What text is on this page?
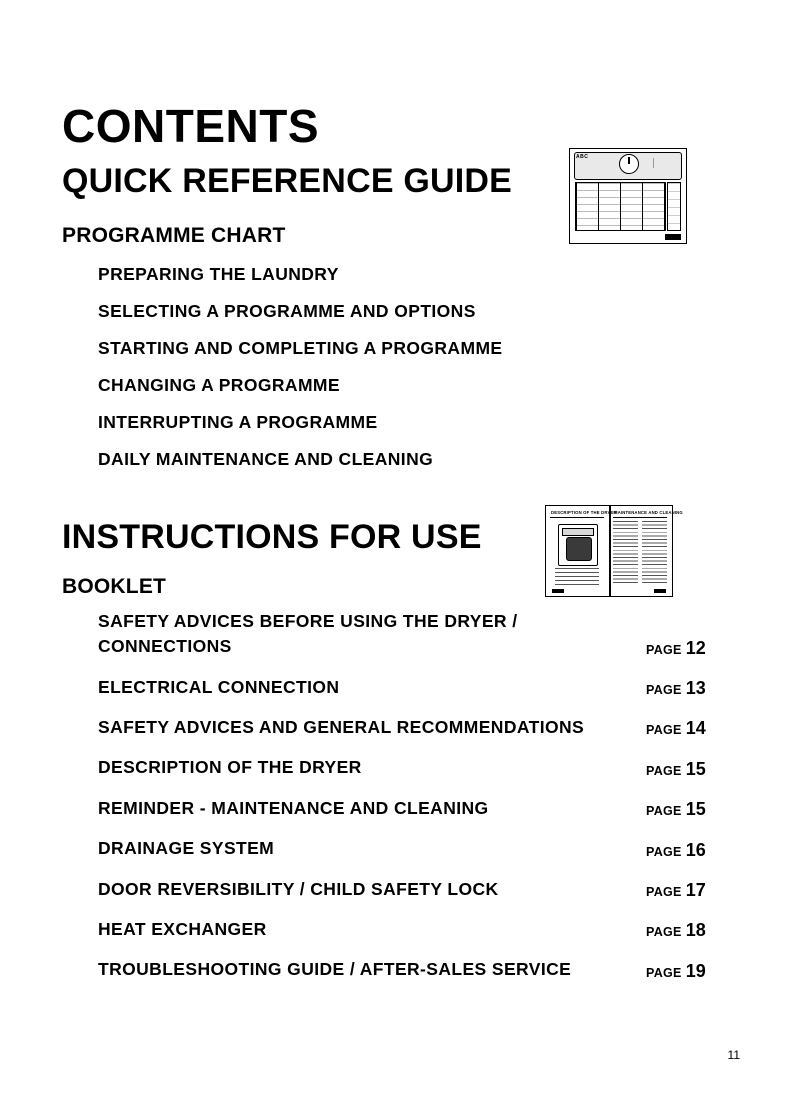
ABC
DESCRIPTION OF THE DRYER
MAINTENANCE AND CLEANING
CONTENTS
QUICK REFERENCE GUIDE
PROGRAMME CHART
PREPARING THE LAUNDRY
SELECTING A PROGRAMME AND OPTIONS
STARTING AND COMPLETING A PROGRAMME
CHANGING A PROGRAMME
INTERRUPTING A PROGRAMME
DAILY MAINTENANCE AND CLEANING
INSTRUCTIONS FOR USE
BOOKLET
SAFETY ADVICES BEFORE USING THE DRYER / CONNECTIONS	PAGE 12
ELECTRICAL CONNECTION	PAGE 13
SAFETY ADVICES AND GENERAL RECOMMENDATIONS	PAGE 14
DESCRIPTION OF THE DRYER	PAGE 15
REMINDER - MAINTENANCE AND CLEANING	PAGE 15
DRAINAGE SYSTEM	PAGE 16
DOOR REVERSIBILITY / CHILD SAFETY LOCK	PAGE 17
HEAT EXCHANGER	PAGE 18
TROUBLESHOOTING GUIDE / AFTER-SALES SERVICE	PAGE 19
11
